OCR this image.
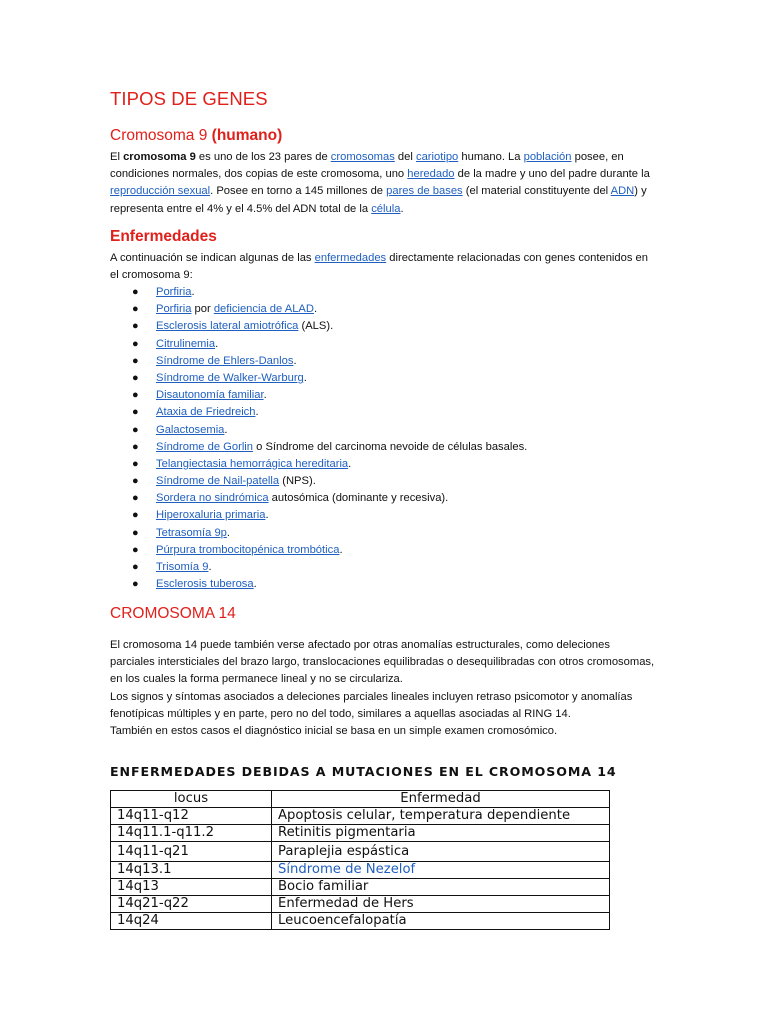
TIPOS DE GENES
Cromosoma 9 (humano)

El cromosoma 9 es uno de los 23 pares de cromosomas del cariotipo humano. La población posee, en condiciones normales, dos copias de este cromosoma, uno heredado de la madre y uno del padre durante la reproducción sexual. Posee en torno a 145 millones de pares de bases (el material constituyente del ADN) y representa entre el 4% y el 4.5% del ADN total de la célula.

Enfermedades

A continuación se indican algunas de las enfermedades directamente relacionadas con genes contenidos en el cromosoma 9:

● Porfiria.
● Porfiria por deficiencia de ALAD.
● Esclerosis lateral amiotrófica (ALS).
● Citrulinemia.
● Síndrome de Ehlers-Danlos.
● Síndrome de Walker-Warburg.
● Disautonomía familiar.
● Ataxia de Friedreich.
● Galactosemia.
● Síndrome de Gorlin o Síndrome del carcinoma nevoide de células basales.
● Telangiectasia hemorrágica hereditaria.
● Síndrome de Nail-patella (NPS).
● Sordera no sindrómica autosómica (dominante y recesiva).
● Hiperoxaluria primaria.
● Tetrasomía 9p.
● Púrpura trombocitopénica trombótica.
● Trisomía 9.
● Esclerosis tuberosa.
CROMOSOMA 14

El cromosoma 14 puede también verse afectado por otras anomalías estructurales, como deleciones parciales intersticiales del brazo largo, translocaciones equilibradas o desequilibradas con otros cromosomas, en los cuales la forma permanece lineal y no se circulariza.

Los signos y síntomas asociados a deleciones parciales lineales incluyen retraso psicomotor y anomalías fenotípicas múltiples y en parte, pero no del todo, similares a aquellas asociadas al RING 14.

También en estos casos el diagnóstico inicial se basa en un simple examen cromosómico.

ENFERMEDADES DEBIDAS A MUTACIONES EN EL CROMOSOMA 14
locus	Enfermedad
14q11-q12	Apoptosis celular, temperatura dependiente
14q11.1-q11.2	Retinitis pigmentaria
14q11-q21	Paraplejia espástica
14q13.1	Síndrome de Nezelof
14q13	Bocio familiar
14q21-q22	Enfermedad de Hers
14q24	Leucoencefalopatía
